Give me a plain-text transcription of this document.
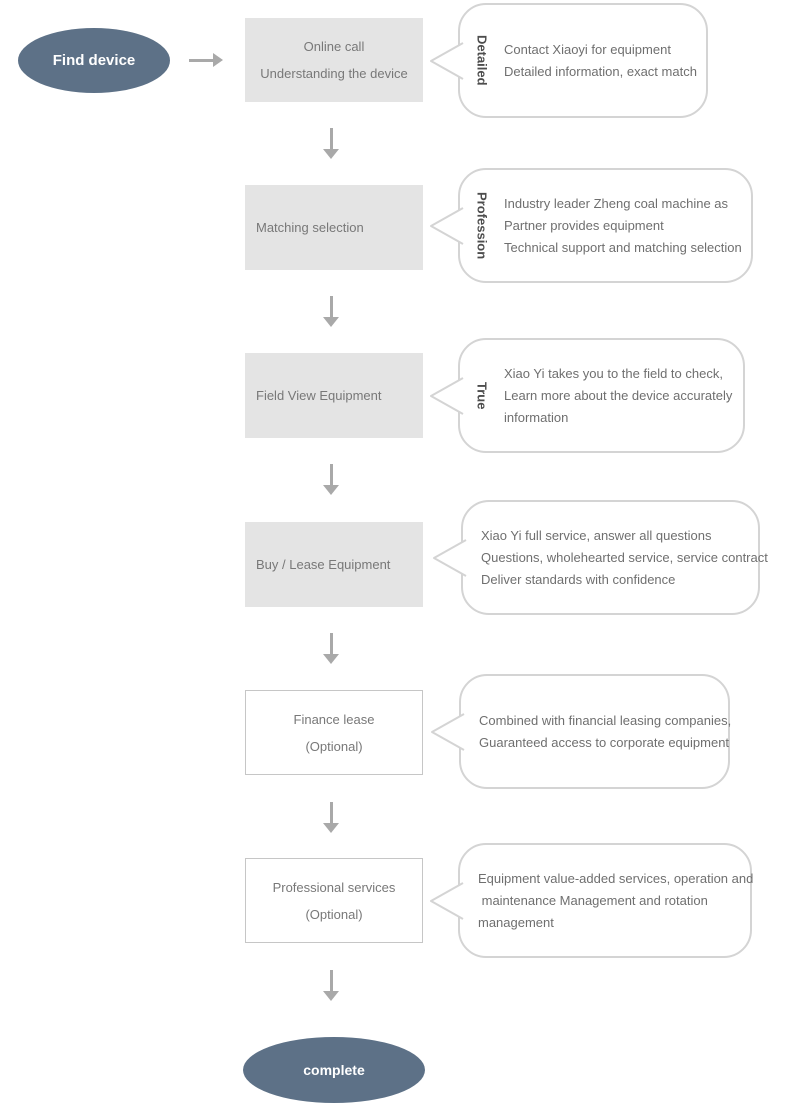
Find device
Online call
Understanding the device	Detailed	Contact Xiaoyi for equipment
Detailed information, exact match
Matching selection	Profession	Industry leader Zheng coal machine as
Partner provides equipment
Technical support and matching selection
Field View Equipment	True
Xiao Yi takes you to the field to check,
Learn more about the device accurately
information
Buy / Lease Equipment
Xiao Yi full service, answer all questions
Questions, wholehearted service, service contract
Deliver standards with confidence
Finance lease
(Optional)
Combined with financial leasing companies,
Guaranteed access to corporate equipment
Professional services
(Optional)
Equipment value-added services, operation and
maintenance Management and rotation
management
complete
